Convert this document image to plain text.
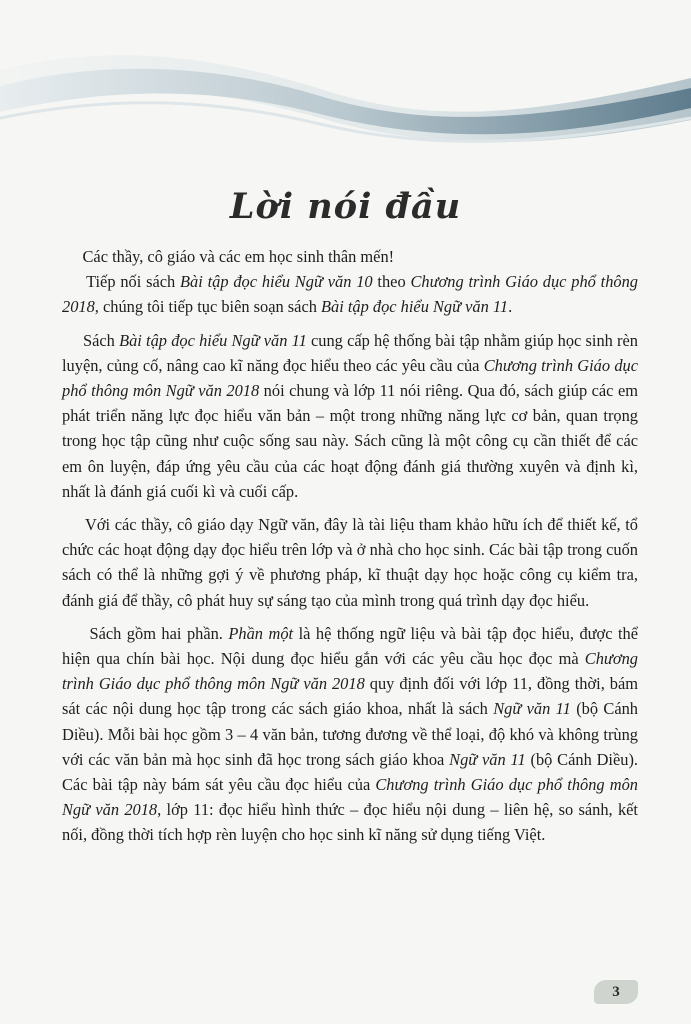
Lời nói đầu

Các thầy, cô giáo và các em học sinh thân mến!

Tiếp nối sách Bài tập đọc hiểu Ngữ văn 10 theo Chương trình Giáo dục phổ thông 2018, chúng tôi tiếp tục biên soạn sách Bài tập đọc hiểu Ngữ văn 11.

Sách Bài tập đọc hiểu Ngữ văn 11 cung cấp hệ thống bài tập nhằm giúp học sinh rèn luyện, củng cố, nâng cao kĩ năng đọc hiểu theo các yêu cầu của Chương trình Giáo dục phổ thông môn Ngữ văn 2018 nói chung và lớp 11 nói riêng. Qua đó, sách giúp các em phát triển năng lực đọc hiểu văn bản – một trong những năng lực cơ bản, quan trọng trong học tập cũng như cuộc sống sau này. Sách cũng là một công cụ cần thiết để các em ôn luyện, đáp ứng yêu cầu của các hoạt động đánh giá thường xuyên và định kì, nhất là đánh giá cuối kì và cuối cấp.

Với các thầy, cô giáo dạy Ngữ văn, đây là tài liệu tham khảo hữu ích để thiết kế, tổ chức các hoạt động dạy đọc hiểu trên lớp và ở nhà cho học sinh. Các bài tập trong cuốn sách có thể là những gợi ý về phương pháp, kĩ thuật dạy học hoặc công cụ kiểm tra, đánh giá để thầy, cô phát huy sự sáng tạo của mình trong quá trình dạy đọc hiểu.

Sách gồm hai phần. Phần một là hệ thống ngữ liệu và bài tập đọc hiểu, được thể hiện qua chín bài học. Nội dung đọc hiểu gắn với các yêu cầu học đọc mà Chương trình Giáo dục phổ thông môn Ngữ văn 2018 quy định đối với lớp 11, đồng thời, bám sát các nội dung học tập trong các sách giáo khoa, nhất là sách Ngữ văn 11 (bộ Cánh Diều). Mỗi bài học gồm 3 – 4 văn bản, tương đương về thể loại, độ khó và không trùng với các văn bản mà học sinh đã học trong sách giáo khoa Ngữ văn 11 (bộ Cánh Diều). Các bài tập này bám sát yêu cầu đọc hiểu của Chương trình Giáo dục phổ thông môn Ngữ văn 2018, lớp 11: đọc hiểu hình thức – đọc hiểu nội dung – liên hệ, so sánh, kết nối, đồng thời tích hợp rèn luyện cho học sinh kĩ năng sử dụng tiếng Việt.

3
